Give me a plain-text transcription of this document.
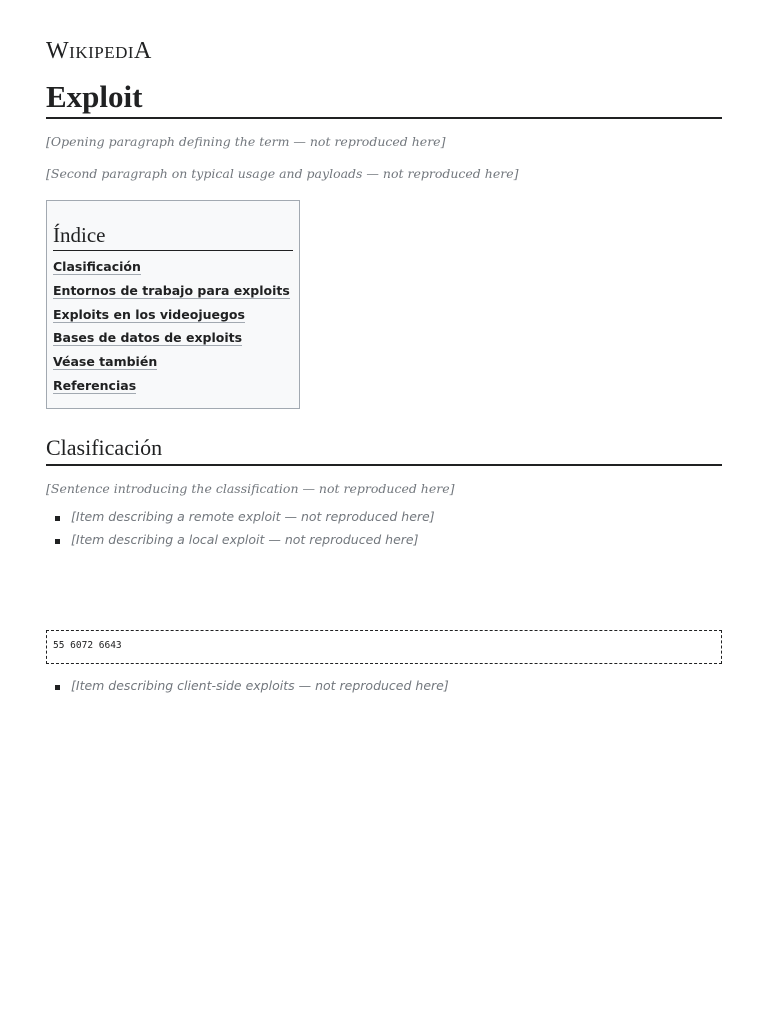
WIKIPEDIA
Exploit

[Opening paragraph defining the term — not reproduced here]

[Second paragraph on typical usage and payloads — not reproduced here]

Índice
Clasificación
Entornos de trabajo para exploits
Exploits en los videojuegos
Bases de datos de exploits
Véase también
Referencias
Clasificación

[Sentence introducing the classification — not reproduced here]

[Item describing a remote exploit — not reproduced here]
[Item describing a local exploit — not reproduced here]
55 6072 6643
[Item describing client-side exploits — not reproduced here]
